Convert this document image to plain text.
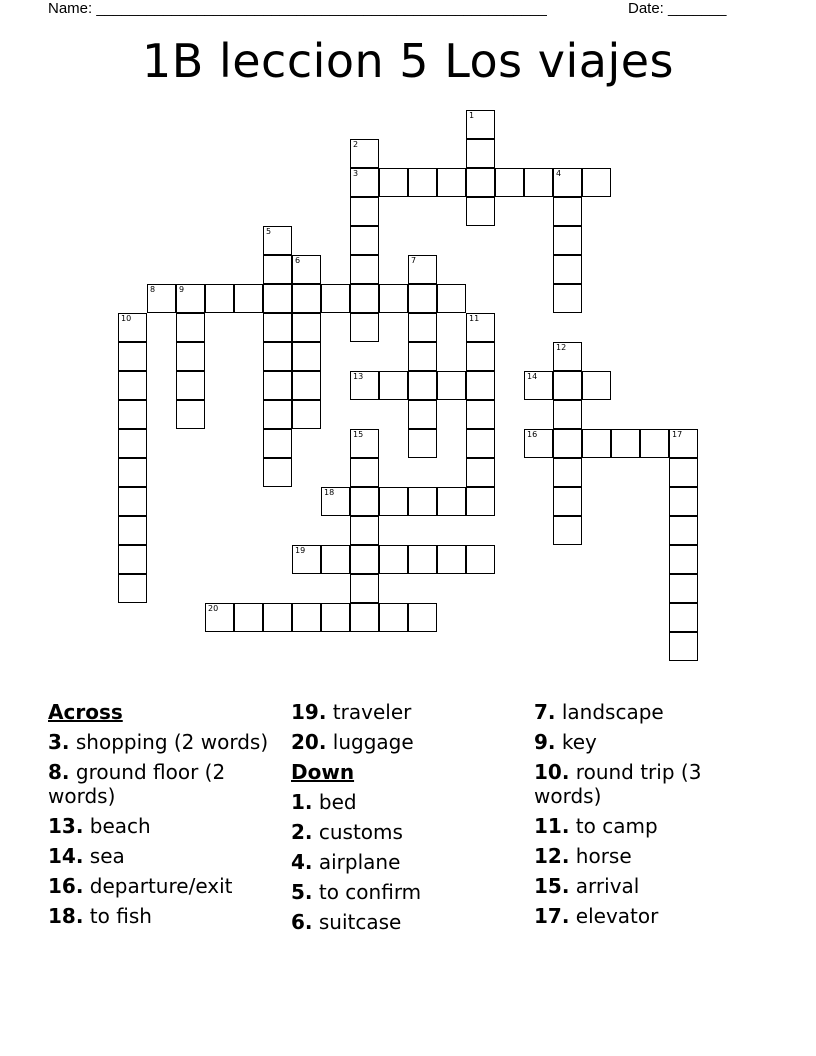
Name: ______________________________________________________	Date: _______
1B leccion 5 Los viajes
1
2
3	4
5
6	7
8	9
10	11
12
13	14
15	16	17
18
19
20
Across
3. shopping (2 words)
8. ground floor (2 words)
13. beach
14. sea
16. departure/exit
18. to fish
19. traveler
20. luggage
Down
1. bed
2. customs
4. airplane
5. to confirm
6. suitcase
7. landscape
9. key
10. round trip (3 words)
11. to camp
12. horse
15. arrival
17. elevator
